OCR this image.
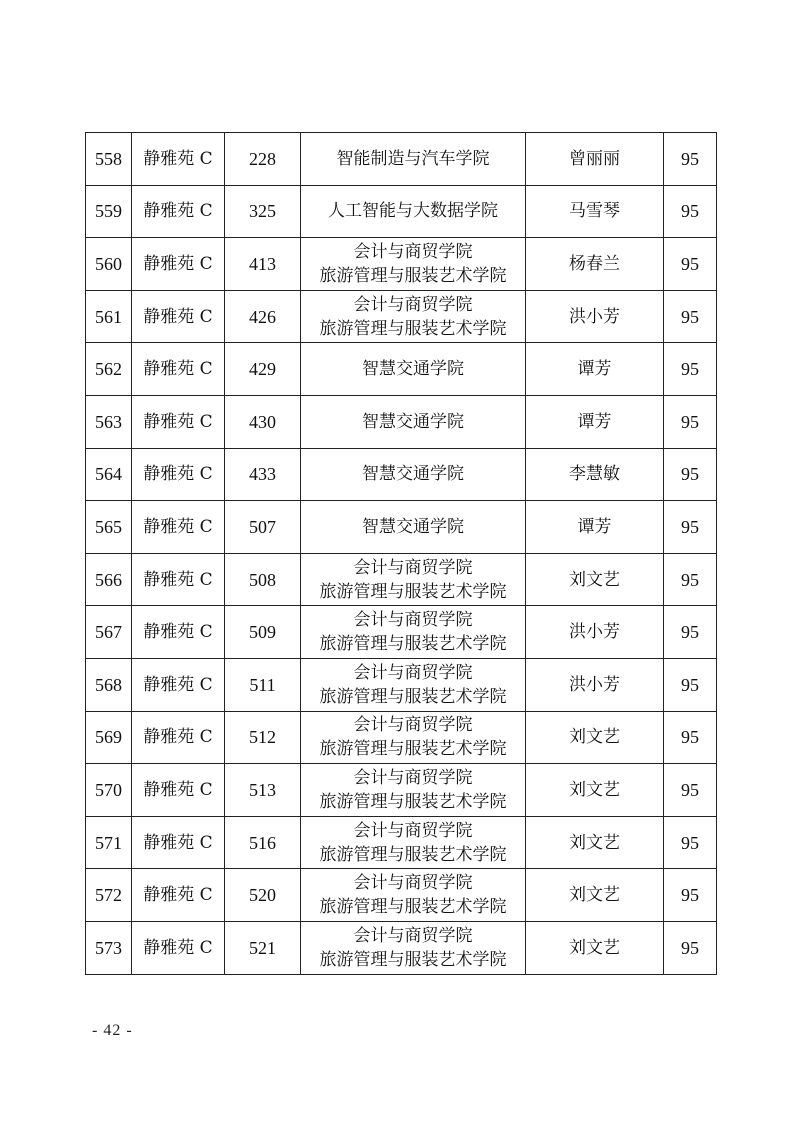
558	静雅苑 C	228	智能制造与汽车学院	曾丽丽	95
559	静雅苑 C	325	人工智能与大数据学院	马雪琴	95
560	静雅苑 C	413	会计与商贸学院
旅游管理与服装艺术学院	杨春兰	95
561	静雅苑 C	426	会计与商贸学院
旅游管理与服装艺术学院	洪小芳	95
562	静雅苑 C	429	智慧交通学院	谭芳	95
563	静雅苑 C	430	智慧交通学院	谭芳	95
564	静雅苑 C	433	智慧交通学院	李慧敏	95
565	静雅苑 C	507	智慧交通学院	谭芳	95
566	静雅苑 C	508	会计与商贸学院
旅游管理与服装艺术学院	刘文艺	95
567	静雅苑 C	509	会计与商贸学院
旅游管理与服装艺术学院	洪小芳	95
568	静雅苑 C	511	会计与商贸学院
旅游管理与服装艺术学院	洪小芳	95
569	静雅苑 C	512	会计与商贸学院
旅游管理与服装艺术学院	刘文艺	95
570	静雅苑 C	513	会计与商贸学院
旅游管理与服装艺术学院	刘文艺	95
571	静雅苑 C	516	会计与商贸学院
旅游管理与服装艺术学院	刘文艺	95
572	静雅苑 C	520	会计与商贸学院
旅游管理与服装艺术学院	刘文艺	95
573	静雅苑 C	521	会计与商贸学院
旅游管理与服装艺术学院	刘文艺	95
- 42 -
